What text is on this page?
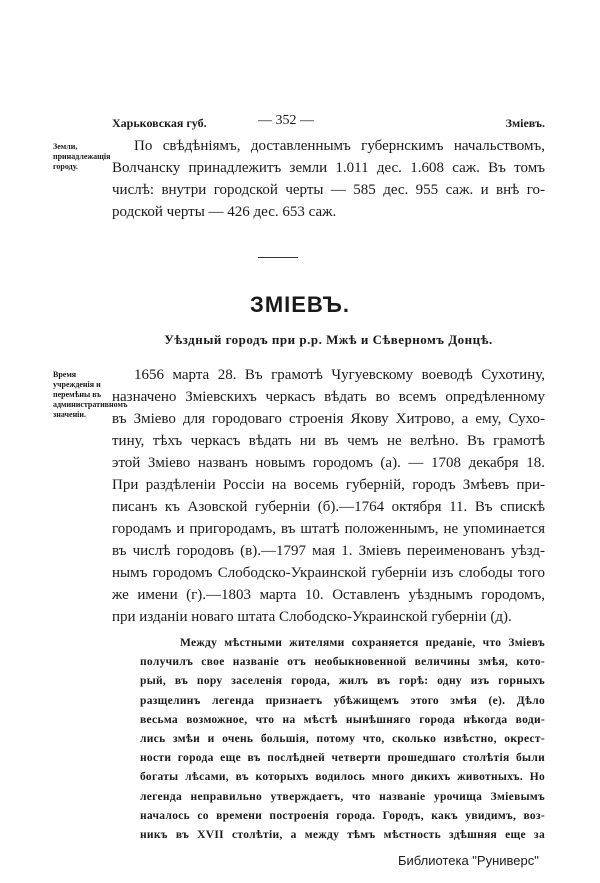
Харьковская губ.	— 352 —	Зміевъ.
Земли, принадлежащія городу.
По свѣдѣніямъ, доставленнымъ губернскимъ начальствомъ,
Волчанску принадлежитъ земли 1.011 дес. 1.608 саж. Въ томъ
числѣ: внутри городской черты — 585 дес. 955 саж. и внѣ го-
родской черты — 426 дес. 653 саж.
ЗМIЕВЪ.
Уѣздный городъ при р.р. Мжѣ и Сѣверномъ Донцѣ.
Время учрежденія и перемѣны въ административномъ значеніи.
1656 марта 28. Въ грамотѣ Чугуевскому воеводѣ Сухотину,
назначено Зміевскихъ черкасъ вѣдать во всемъ опредѣленному
въ Зміево для городоваго строенія Якову Хитрово, а ему, Сухо-
тину, тѣхъ черкасъ вѣдать ни въ чемъ не велѣно. Въ грамотѣ
этой Зміево названъ новымъ городомъ (а). — 1708 декабря 18.
При раздѣленіи Россіи на восемь губерній, городъ Змѣевъ при-
писанъ къ Азовской губерніи (б).—1764 октября 11. Въ спискѣ
городамъ и пригородамъ, въ штатѣ положеннымъ, не упоминается
въ числѣ городовъ (в).—1797 мая 1. Зміевъ переименованъ уѣзд-
нымъ городомъ Слободско-Украинской губерніи изъ слободы того
же имени (г).—1803 марта 10. Оставленъ уѣзднымъ городомъ,
при изданіи новаго штата Слободско-Украинской губерніи (д).
Между мѣстными жителями сохраняется преданіе, что Зміевъ
получилъ свое названіе отъ необыкновенной величины змѣя, кото-
рый, въ пору заселенія города, жилъ въ горѣ: одну изъ горныхъ
разщелинъ легенда признаетъ убѣжищемъ этого змѣя (е). Дѣло
весьма возможное, что на мѣстѣ нынѣшняго города нѣкогда води-
лись змѣи и очень большія, потому что, сколько извѣстно, окрест-
ности города еще въ послѣдней четверти прошедшаго столѣтія были
богаты лѣсами, въ которыхъ водилось много дикихъ животныхъ. Но
легенда неправильно утверждаетъ, что названіе урочища Зміевымъ
началось со времени построенія города. Городъ, какъ увидимъ, воз-
никъ въ XVII столѣтіи, а между тѣмъ мѣстность здѣшняя еще за
Библиотека "Руниверс"
